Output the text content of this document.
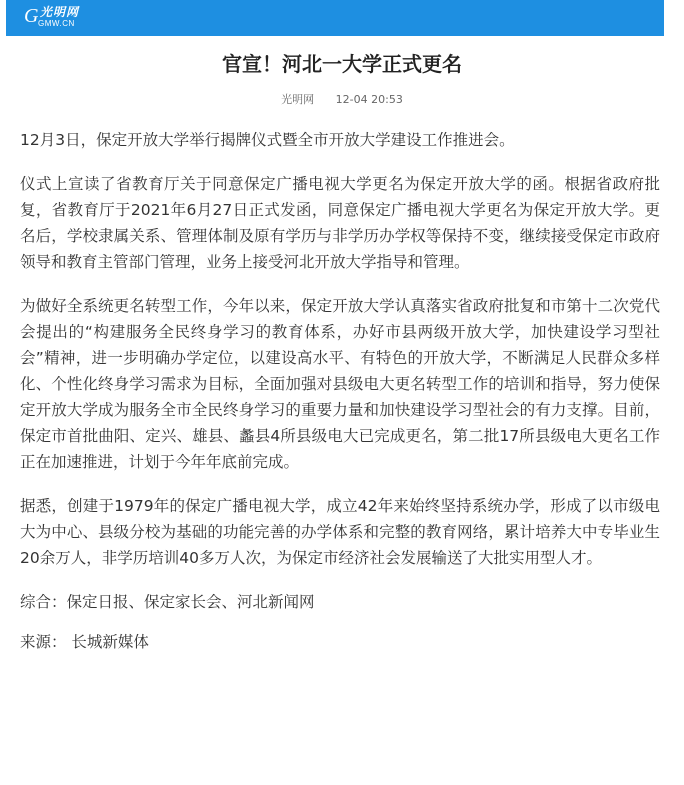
G 光明网
GMW.CN
官宣！河北一大学正式更名
光明网 12-04 20:53

12月3日，保定开放大学举行揭牌仪式暨全市开放大学建设工作推进会。

仪式上宣读了省教育厅关于同意保定广播电视大学更名为保定开放大学的函。根据省政府批复，省教育厅于2021年6月27日正式发函，同意保定广播电视大学更名为保定开放大学。更名后，学校隶属关系、管理体制及原有学历与非学历办学权等保持不变，继续接受保定市政府领导和教育主管部门管理，业务上接受河北开放大学指导和管理。

为做好全系统更名转型工作，今年以来，保定开放大学认真落实省政府批复和市第十二次党代会提出的“构建服务全民终身学习的教育体系，办好市县两级开放大学，加快建设学习型社会”精神，进一步明确办学定位，以建设高水平、有特色的开放大学，不断满足人民群众多样化、个性化终身学习需求为目标，全面加强对县级电大更名转型工作的培训和指导，努力使保定开放大学成为服务全市全民终身学习的重要力量和加快建设学习型社会的有力支撑。目前，保定市首批曲阳、定兴、雄县、蠡县4所县级电大已完成更名，第二批17所县级电大更名工作正在加速推进，计划于今年年底前完成。

据悉，创建于1979年的保定广播电视大学，成立42年来始终坚持系统办学，形成了以市级电大为中心、县级分校为基础的功能完善的办学体系和完整的教育网络，累计培养大中专毕业生20余万人，非学历培训40多万人次，为保定市经济社会发展输送了大批实用型人才。

综合：保定日报、保定家长会、河北新闻网

来源： 长城新媒体
